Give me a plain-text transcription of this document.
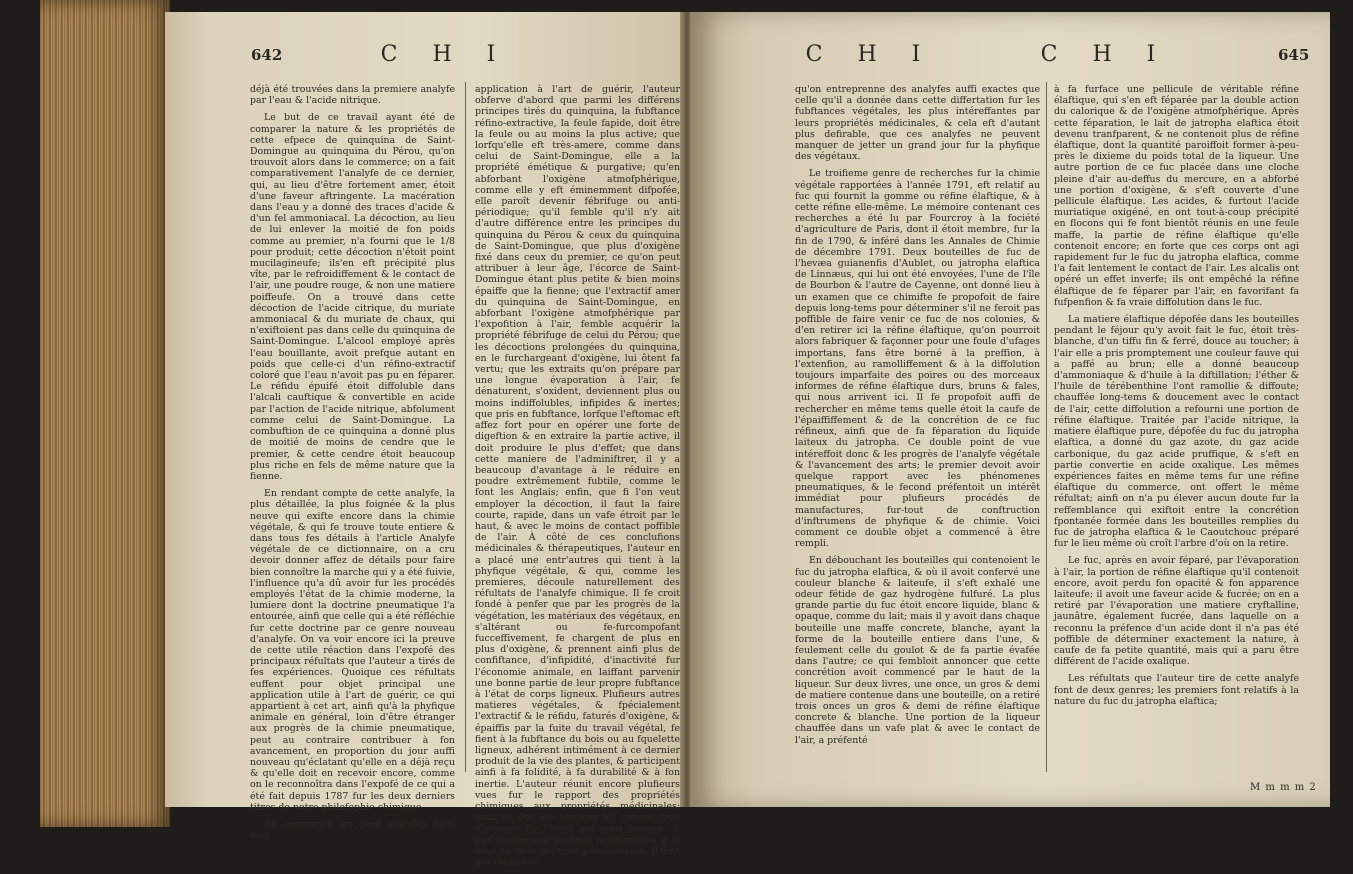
642	C H I

déjà été trouvées dans la premiere analyfe par l'eau & l'acide nitrique.

Le but de ce travail ayant été de comparer la nature & les propriétés de cette efpece de quinquina de Saint-Domingue au quinquina du Pérou, qu'on trouvoit alors dans le commerce; on a fait comparativement l'analyfe de ce dernier, qui, au lieu d'être fortement amer, étoit d'une faveur aftringente. La macération dans l'eau y a donné des traces d'acide & d'un fel ammoniacal. La décoction, au lieu de lui enlever la moitié de fon poids comme au premier, n'a fourni que le 1/8 pour produit; cette décoction n'étoit point mucilagineufe; ils'en eft précipité plus vîte, par le refroidiffement & le contact de l'air, une poudre rouge, & non une matiere poiffeufe. On a trouvé dans cette décoction de l'acide citrique, du muriate ammoniacal & du muriate de chaux, qui n'exiftoient pas dans celle du quinquina de Saint-Domingue. L'alcool employé après l'eau bouillante, avoit prefque autant en poids que celle-ci d'un réfino-extractif coloré que l'eau n'avoit pas pu en féparer. Le réfidu épuifé étoit diffoluble dans l'alcali cauftique & convertible en acide par l'action de l'acide nitrique, abfolument comme celui de Saint-Domingue. La combuftion de ce quinquina a donné plus de moitié de moins de cendre que le premier, & cette cendre étoit beaucoup plus riche en fels de même nature que la fienne.

En rendant compte de cette analyfe, la plus détaillée, la plus foignée & la plus neuve qui exifte encore dans la chimie végétale, & qui fe trouve toute entiere & dans tous fes détails à l'article Analyfe végétale de ce dictionnaire, on a cru devoir donner affez de détails pour faire bien connoître la marche qui y a été fuivie, l'influence qu'a dû avoir fur les procédés employés l'état de la chimie moderne, la lumiere dont la doctrine pneumatique l'a entourée, ainfi que celle qui a été réfléchie fur cette doctrine par ce genre nouveau d'analyfe. On va voir encore ici la preuve de cette utile réaction dans l'expofé des principaux réfultats que l'auteur a tirés de fes expériences. Quoique ces réfultats euffent pour objet principal une application utile à l'art de guérir, ce qui appartient à cet art, ainfi qu'à la phyfique animale en général, loin d'être étranger aux progrès de la chimie pneumatique, peut au contraire contribuer à fon avancement, en proportion du jour auffi nouveau qu'éclatant qu'elle en a déjà reçu & qu'elle doit en recevoir encore, comme on le reconnoîtra dans l'expofé de ce qui a été fait depuis 1787 fur les deux derniers titres de notre philofophie chimique.

En comparant les deux analyfes dans leur

application à l'art de guérir, l'auteur obferve d'abord que parmi les différens principes tirés du quinquina, la fubftance réfino-extractive, la feule fapide, doit être la feule ou au moins la plus active; que lorfqu'elle eft très-amere, comme dans celui de Saint-Domingue, elle a la propriété émétique & purgative; qu'en abforbant l'oxigène atmofphérique, comme elle y eft éminemment difpofée, elle paroît devenir fébrifuge ou anti-périodique; qu'il femble qu'il n'y ait d'autre différence entre les principes du quinquina du Pérou & ceux du quinquina de Saint-Domingue, que plus d'oxigène fixé dans ceux du premier, ce qu'on peut attribuer à leur âge, l'écorce de Saint-Domingue étant plus petite & bien moins épaiffe que la fienne; que l'extractif amer du quinquina de Saint-Domingue, en abforbant l'oxigène atmofphérique par l'expofition à l'air, femble acquérir la propriété fébrifuge de celui du Pérou; que les décoctions prolongées du quinquina, en le furchargeant d'oxigène, lui ôtent fa vertu; que les extraits qu'on prépare par une longue évaporation à l'air, fe dénaturent, s'oxident, deviennent plus ou moins indiffolubles, infipides & inertes; que pris en fubftance, lorfque l'eftomac eft affez fort pour en opérer une forte de digeftion & en extraire la partie active, il doit produire le plus d'effet; que dans cette maniere de l'adminiftrer, il y a beaucoup d'avantage à le réduire en poudre extrêmement fubtile, comme le font les Anglais; enfin, que fi l'on veut employer la décoction, il faut la faire courte, rapide, dans un vafe étroit par le haut, & avec le moins de contact poffible de l'air. À côté de ces conclufions médicinales & thérapeutiques, l'auteur en a placé une entr'autres qui tient à la phyfique végétale, & qui, comme les premieres, découle naturellement des réfultats de l'analyfe chimique. Il fe croit fondé à penfer que par les progrès de la végétation, les matériaux des végétaux, en s'altérant ou fe-furcompofant fucceffivement, fe chargent de plus en plus d'oxigène, & prennent ainfi plus de confiftance, d'infipidité, d'inactivité fur l'économie animale, en laiffant parvenir une bonne partie de leur propre fubftance à l'état de corps ligneux. Plufieurs autres matieres végétales, & fpécialement l'extractif & le réfidu, faturés d'oxigène, & épaiffis par la fuite du travail végétal, fe fient à la fubftance du bois ou au fquelette ligneux, adhérent intimément à ce dernier produit de la vie des plantes, & participent ainfi à fa folidité, à fa durabilité & à fon inertie. L'auteur réunit encore plufieurs vues fur le rapport des propriétés chimiques aux propriétés médicinales; mais on doit les négliger ici, comme trop éloignées de l'objet qui nous occupe, & par conféquent prefque indifférentes à la marche de la doctrine pneumatique. Il finit par fouhaiter

C H I	C H I	645

qu'on entreprenne des analyfes auffi exactes que celle qu'il a donnée dans cette differtation fur les fubftances végétales, les plus intéreffantes par leurs propriétés médicinales, & cela eft d'autant plus defirable, que ces analyfes ne peuvent manquer de jetter un grand jour fur la phyfique des végétaux.

Le troifieme genre de recherches fur la chimie végétale rapportées à l'année 1791, eft relatif au fuc qui fournit la gomme ou réfine élaftique, & à cette réfine elle-même. Le mémoire contenant ces recherches a été lu par Fourcroy à la fociété d'agriculture de Paris, dont il étoit membre, fur la fin de 1790, & inféré dans les Annales de Chimie de décembre 1791. Deux bouteilles de fuc de l'hevæa guianenfis d'Aublet, ou jatropha elaftica de Linnæus, qui lui ont été envoyées, l'une de l'île de Bourbon & l'autre de Cayenne, ont donné lieu à un examen que ce chimifte fe propofoit de faire depuis long-tems pour déterminer s'il ne feroit pas poffible de faire venir ce fuc de nos colonies, & d'en retirer ici la réfine élaftique, qu'on pourroit alors fabriquer & façonner pour une foule d'ufages importans, fans être borné à la preffion, à l'extenfion, au ramolliffement & à la diffolution toujours imparfaite des poires ou des morceaux informes de réfine élaftique durs, bruns & fales, qui nous arrivent ici. Il fe propofoit auffi de rechercher en même tems quelle étoit la caufe de l'épaiffiffement & de la concrétion de ce fuc réfineux, ainfi que de fa féparation du liquide laiteux du jatropha. Ce double point de vue intéreffoit donc & les progrès de l'analyfe végétale & l'avancement des arts; le premier devoit avoir quelque rapport avec les phénomenes pneumatiques, & le fecond préfentoit un intérêt immédiat pour plufieurs procédés de manufactures, fur-tout de conftruction d'inftrumens de phyfique & de chimie. Voici comment ce double objet a commencé à être rempli.

En débouchant les bouteilles qui contenoient le fuc du jatropha elaftica, & où il avoit confervé une couleur blanche & laiteufe, il s'eft exhalé une odeur fétide de gaz hydrogène fulfuré. La plus grande partie du fuc étoit encore liquide, blanc & opaque, comme du lait; mais il y avoit dans chaque bouteille une maffe concrete, blanche, ayant la forme de la bouteille entiere dans l'une, & feulement celle du goulot & de fa partie évafée dans l'autre; ce qui fembloit annoncer que cette concrétion avoit commencé par le haut de la liqueur. Sur deux livres, une once, un gros & demi de matiere contenue dans une bouteille, on a retiré trois onces un gros & demi de réfine élaftique concrete & blanche. Une portion de la liqueur chauffée dans un vafe plat & avec le contact de l'air, a préfenté

à fa furface une pellicule de véritable réfine élaftique, qui s'en eft féparée par la double action du calorique & de l'oxigène atmofphérique. Après cette féparation, le lait de jatropha elaftica étoit devenu tranfparent, & ne contenoit plus de réfine élaftique, dont la quantité paroiffoit former à-peu-près le dixieme du poids total de la liqueur. Une autre portion de ce fuc placée dans une cloche pleine d'air au-deffus du mercure, en a abforbé une portion d'oxigène, & s'eft couverte d'une pellicule élaftique. Les acides, & furtout l'acide muriatique oxigéné, en ont tout-à-coup précipité en flocons qui fe font bientôt réunis en une feule maffe, la partie de réfine élaftique qu'elle contenoit encore; en forte que ces corps ont agi rapidement fur le fuc du jatropha elaftica, comme l'a fait lentement le contact de l'air. Les alcalis ont opéré un effet inverfe; ils ont empêché la réfine élaftique de fe féparer par l'air, en favorifant fa fufpenfion & fa vraie diffolution dans le fuc.

La matiere élaftique dépofée dans les bouteilles pendant le féjour qu'y avoit fait le fuc, étoit très-blanche, d'un tiffu fin & ferré, douce au toucher; à l'air elle a pris promptement une couleur fauve qui a paffé au brun; elle a donné beaucoup d'ammoniaque & d'huile à la diftillation; l'éther & l'huile de térébenthine l'ont ramollie & diffoute; chauffée long-tems & doucement avec le contact de l'air, cette diffolution a refourni une portion de réfine élaftique. Traitée par l'acide nitrique, la matiere élaftique pure, dépofée du fuc du jatropha elaftica, a donné du gaz azote, du gaz acide carbonique, du gaz acide pruffique, & s'eft en partie convertie en acide oxalique. Les mêmes expériences faites en même tems fur une réfine élaftique du commerce, ont offert le même réfultat; ainfi on n'a pu élever aucun doute fur la reffemblance qui exiftoit entre la concrétion fpontanée formée dans les bouteilles remplies du fuc de jatropha elaftica & le Caoutchouc préparé fur le lieu même où croît l'arbre d'où on la retire.

Le fuc, après en avoir féparé, par l'évaporation à l'air, la portion de réfine élaftique qu'il contenoit encore, avoit perdu fon opacité & fon apparence laiteufe; il avoit une faveur acide & fucrée; on en a retiré par l'évaporation une matiere cryftalline, jaunâtre, également fucrée, dans laquelle on a reconnu la préfence d'un acide dont il n'a pas été poffible de déterminer exactement la nature, à caufe de fa petite quantité, mais qui a paru être différent de l'acide oxalique.

Les réfultats que l'auteur tire de cette analyfe font de deux genres; les premiers font relatifs à la nature du fuc du jatropha elaftica;

M m m m 2
